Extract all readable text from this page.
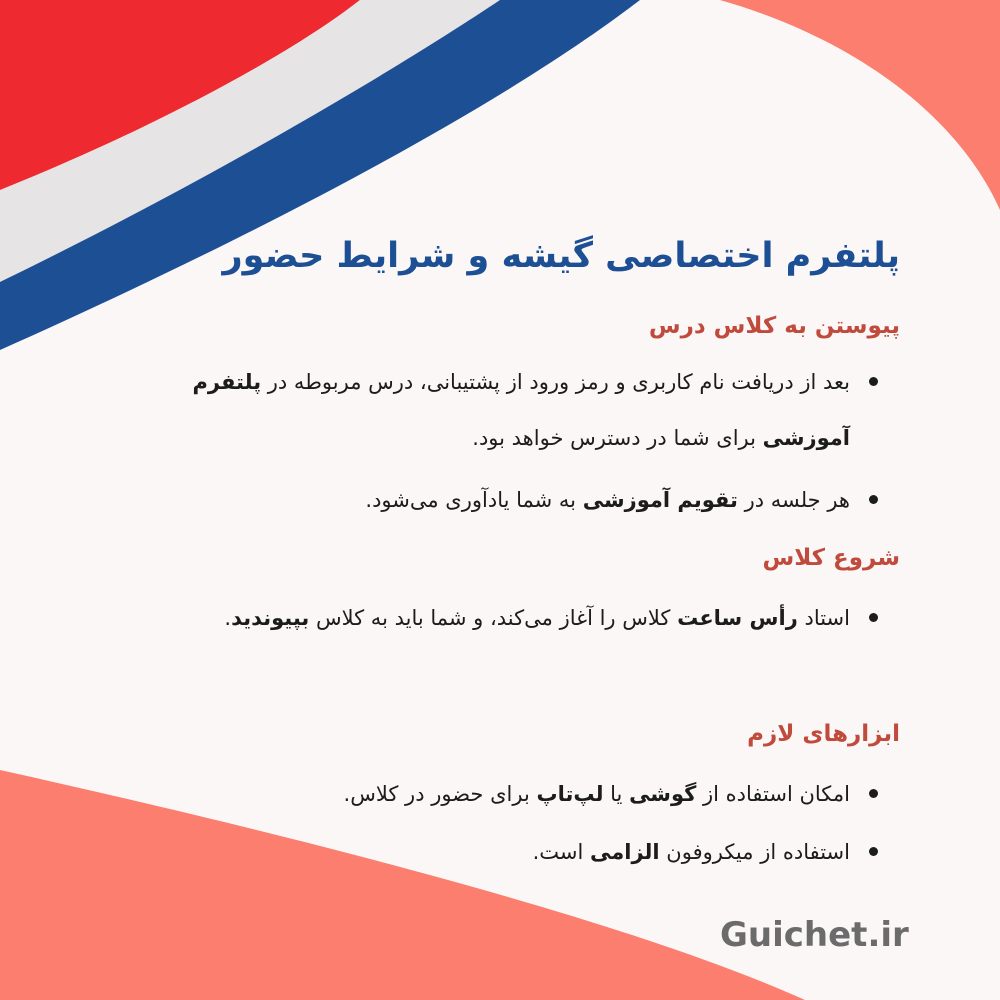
پلتفرم اختصاصی گیشه و شرایط حضور
پیوستن به کلاس درس

بعد از دریافت نام کاربری و رمز ورود از پشتیبانی، درس مربوطه در پلتفرم آموزشی برای شما در دسترس خواهد بود.

هر جلسه در تقویم آموزشی به شما یادآوری می‌شود.

شروع کلاس

استاد رأس ساعت کلاس را آغاز می‌کند، و شما باید به کلاس بپیوندید.

ابزارهای لازم

امکان استفاده از گوشی یا لپ‌تاپ برای حضور در کلاس.

استفاده از میکروفون الزامی است.

Guichet.ir
